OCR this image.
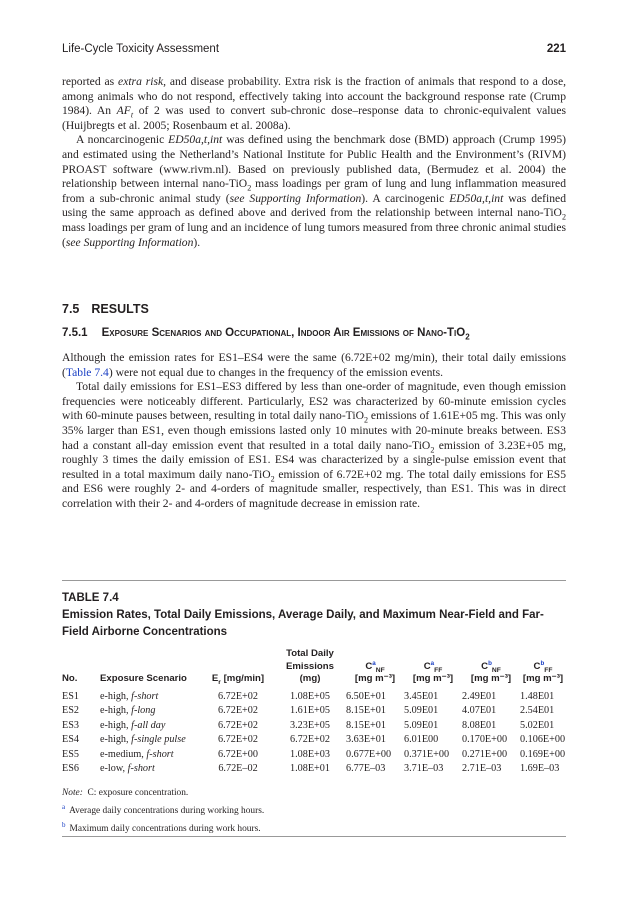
Life-Cycle Toxicity Assessment	221

reported as extra risk, and disease probability. Extra risk is the fraction of animals that respond to a dose, among animals who do not respond, effectively taking into account the background response rate (Crump 1984). An $AF_t$ of 2 was used to convert sub-chronic dose–response data to chronic-equivalent values (Huijbregts et al. 2005; Rosenbaum et al. 2008a).

A noncarcinogenic ED50a,t,int was defined using the benchmark dose (BMD) approach (Crump 1995) and estimated using the Netherland’s National Institute for Public Health and the Environment’s (RIVM) PROAST software (www.rivm.nl). Based on previously published data, (Bermudez et al. 2004) the relationship between internal nano-TiO$_2$ mass loadings per gram of lung and lung inflammation measured from a sub-chronic animal study (see Supporting Information). A carcinogenic ED50a,t,int was defined using the same approach as defined above and derived from the relationship between internal nano-TiO$_2$ mass loadings per gram of lung and an incidence of lung tumors measured from three chronic animal studies (see Supporting Information).

7.5 RESULTS
7.5.1 Exposure Scenarios and Occupational, Indoor Air Emissions of Nano-TiO$_2$

Although the emission rates for ES1–ES4 were the same (6.72E+02 mg/min), their total daily emissions (Table 7.4) were not equal due to changes in the frequency of the emission events.

Total daily emissions for ES1–ES3 differed by less than one-order of magnitude, even though emission frequencies were noticeably different. Particularly, ES2 was characterized by 60-minute emission cycles with 60-minute pauses between, resulting in total daily nano-TiO$_2$ emissions of 1.61E+05 mg. This was only 35% larger than ES1, even though emissions lasted only 10 minutes with 20-minute breaks between. ES3 had a constant all-day emission event that resulted in a total daily nano-TiO$_2$ emission of 3.23E+05 mg, roughly 3 times the daily emission of ES1. ES4 was characterized by a single-pulse emission event that resulted in a total maximum daily nano-TiO$_2$ emission of 6.72E+02 mg. The total daily emissions for ES5 and ES6 were roughly 2- and 4-orders of magnitude smaller, respectively, than ES1. This was in direct correlation with their 2- and 4-orders of magnitude decrease in emission rate.

TABLE 7.4
Emission Rates, Total Daily Emissions, Average Daily, and Maximum Near-Field and Far-Field Airborne Concentrations
No.	Exposure Scenario	$E_r$ [mg/min]	Total Daily
Emissions
(mg)	$C^a_{NF}$
[mg m⁻³]	$C^a_{FF}$
[mg m⁻³]	$C^b_{NF}$
[mg m⁻³]	$C^b_{FF}$
[mg m⁻³]
ES1	e-high, f-short	6.72E+02	1.08E+05	6.50E+01	3.45E01	2.49E01	1.48E01
ES2	e-high, f-long	6.72E+02	1.61E+05	8.15E+01	5.09E01	4.07E01	2.54E01
ES3	e-high, f-all day	6.72E+02	3.23E+05	8.15E+01	5.09E01	8.08E01	5.02E01
ES4	e-high, f-single pulse	6.72E+02	6.72E+02	3.63E+01	6.01E00	0.170E+00	0.106E+00
ES5	e-medium, f-short	6.72E+00	1.08E+03	0.677E+00	0.371E+00	0.271E+00	0.169E+00
ES6	e-low, f-short	6.72E–02	1.08E+01	6.77E–03	3.71E–03	2.71E–03	1.69E–03
Note: C: exposure concentration.
$^a$ Average daily concentrations during working hours.
$^b$ Maximum daily concentrations during work hours.
